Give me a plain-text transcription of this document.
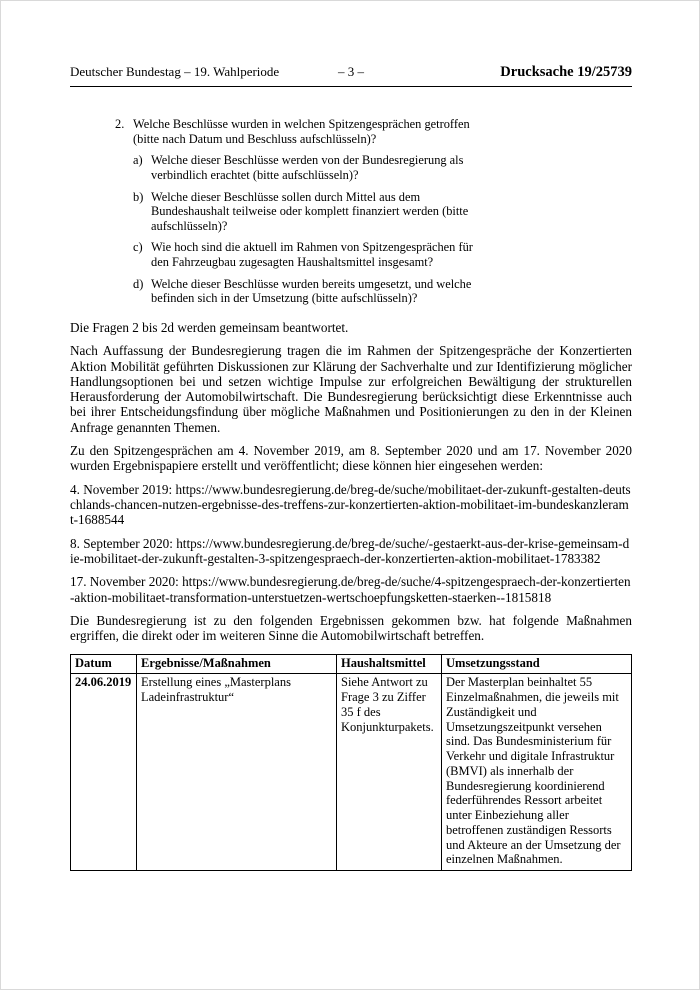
Deutscher Bundestag – 19. Wahlperiode	– 3 –	Drucksache 19/25739
2. Welche Beschlüsse wurden in welchen Spitzengesprächen getroffen (bitte nach Datum und Beschluss aufschlüsseln)?
a) Welche dieser Beschlüsse werden von der Bundesregierung als verbindlich erachtet (bitte aufschlüsseln)?
b) Welche dieser Beschlüsse sollen durch Mittel aus dem Bundeshaushalt teilweise oder komplett finanziert werden (bitte aufschlüsseln)?
c) Wie hoch sind die aktuell im Rahmen von Spitzengesprächen für den Fahrzeugbau zugesagten Haushaltsmittel insgesamt?
d) Welche dieser Beschlüsse wurden bereits umgesetzt, und welche befinden sich in der Umsetzung (bitte aufschlüsseln)?

Die Fragen 2 bis 2d werden gemeinsam beantwortet.

Nach Auffassung der Bundesregierung tragen die im Rahmen der Spitzengespräche der Konzertierten Aktion Mobilität geführten Diskussionen zur Klärung der Sachverhalte und zur Identifizierung möglicher Handlungsoptionen bei und setzen wichtige Impulse zur erfolgreichen Bewältigung der strukturellen Herausforderung der Automobilwirtschaft. Die Bundesregierung berücksichtigt diese Erkenntnisse auch bei ihrer Entscheidungsfindung über mögliche Maßnahmen und Positionierungen zu den in der Kleinen Anfrage genannten Themen.

Zu den Spitzengesprächen am 4. November 2019, am 8. September 2020 und am 17. November 2020 wurden Ergebnispapiere erstellt und veröffentlicht; diese können hier eingesehen werden:

4. November 2019: https://www.bundesregierung.de/breg-de/suche/mobilitaet-der-zukunft-gestalten-deutschlands-chancen-nutzen-ergebnisse-des-treffens-zur-konzertierten-aktion-mobilitaet-im-bundeskanzleramt-1688544

8. September 2020: https://www.bundesregierung.de/breg-de/suche/-gestaerkt-aus-der-krise-gemeinsam-die-mobilitaet-der-zukunft-gestalten-3-spitzengespraech-der-konzertierten-aktion-mobilitaet-1783382

17. November 2020: https://www.bundesregierung.de/breg-de/suche/4-spitzengespraech-der-konzertierten-aktion-mobilitaet-transformation-unterstuetzen-wertschoepfungsketten-staerken--1815818

Die Bundesregierung ist zu den folgenden Ergebnissen gekommen bzw. hat folgende Maßnahmen ergriffen, die direkt oder im weiteren Sinne die Automobilwirtschaft betreffen.

Datum	Ergebnisse/Maßnahmen	Haushaltsmittel	Umsetzungsstand
24.06.2019	Erstellung eines „Masterplans Ladeinfrastruktur“	Siehe Antwort zu Frage 3 zu Ziffer 35 f des Konjunkturpakets.	Der Masterplan beinhaltet 55 Einzelmaßnahmen, die jeweils mit Zuständigkeit und Umsetzungszeitpunkt versehen sind. Das Bundesministerium für Verkehr und digitale Infrastruktur (BMVI) als innerhalb der Bundesregierung koordinierend federführendes Ressort arbeitet unter Einbeziehung aller betroffenen zuständigen Ressorts und Akteure an der Umsetzung der einzelnen Maßnahmen.
